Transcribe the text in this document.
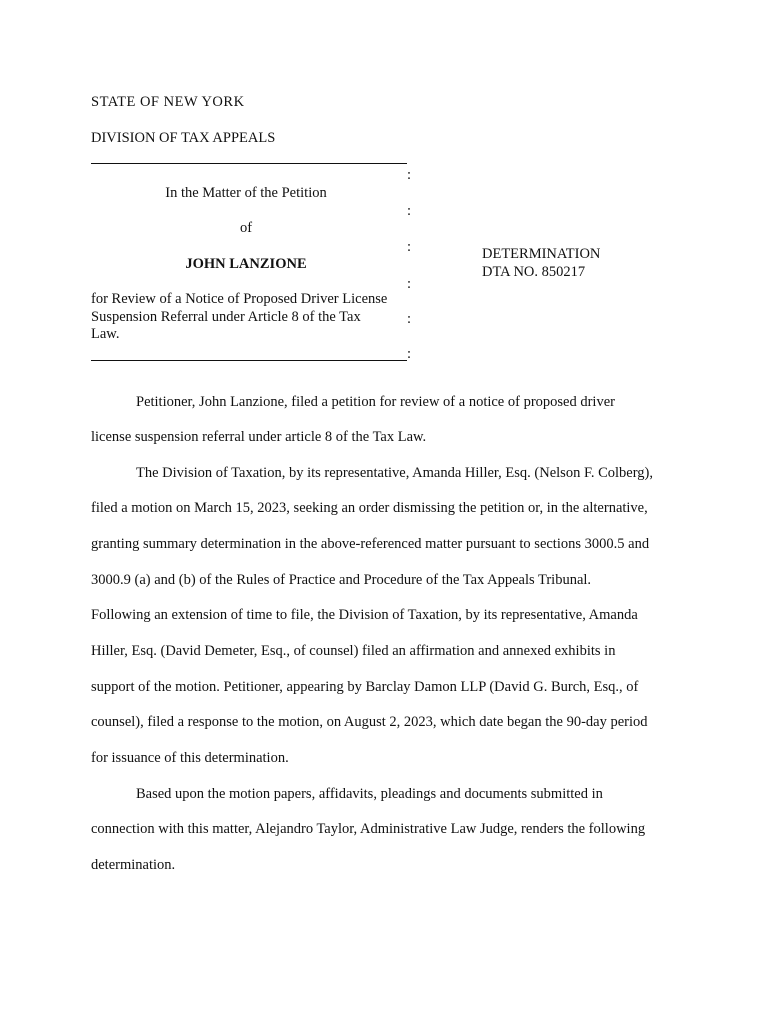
STATE OF NEW YORK
DIVISION OF TAX APPEALS
:
:
:
:
:
:
In the Matter of the Petition
of
JOHN LANZIONE
for Review of a Notice of Proposed Driver License
Suspension Referral under Article 8 of the Tax
Law.
DETERMINATION
DTA NO. 850217
Petitioner, John Lanzione, filed a petition for review of a notice of proposed driver
license suspension referral under article 8 of the Tax Law.
The Division of Taxation, by its representative, Amanda Hiller, Esq. (Nelson F. Colberg),
filed a motion on March 15, 2023, seeking an order dismissing the petition or, in the alternative,
granting summary determination in the above-referenced matter pursuant to sections 3000.5 and
3000.9 (a) and (b) of the Rules of Practice and Procedure of the Tax Appeals Tribunal.
Following an extension of time to file, the Division of Taxation, by its representative, Amanda
Hiller, Esq. (David Demeter, Esq., of counsel) filed an affirmation and annexed exhibits in
support of the motion. Petitioner, appearing by Barclay Damon LLP (David G. Burch, Esq., of
counsel), filed a response to the motion, on August 2, 2023, which date began the 90-day period
for issuance of this determination.
Based upon the motion papers, affidavits, pleadings and documents submitted in
connection with this matter, Alejandro Taylor, Administrative Law Judge, renders the following
determination.
